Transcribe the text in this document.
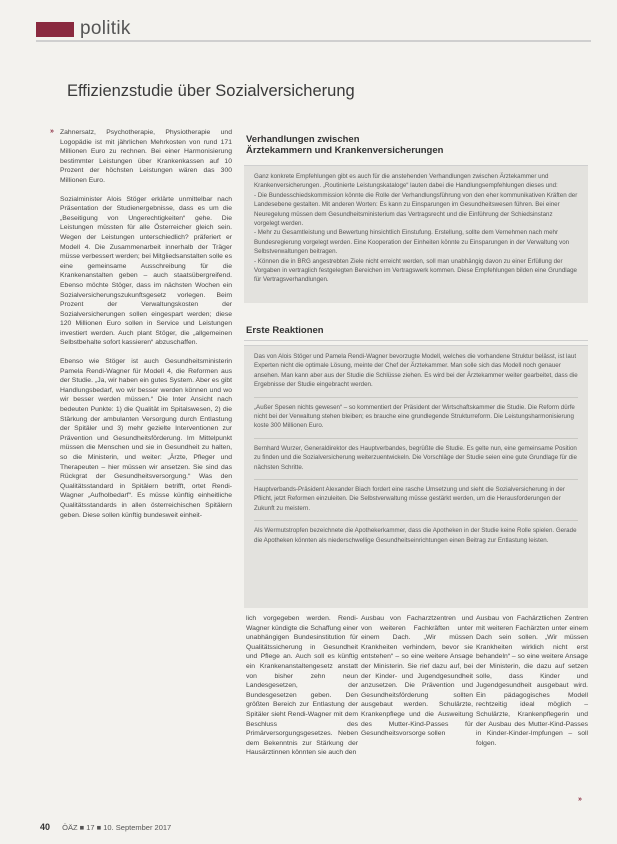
politik
Effizienzstudie über Sozialversicherung
» Zahnersatz, Psychotherapie, Physiotherapie und Logopädie ist mit jährlichen Mehrkosten von rund 171 Millionen Euro zu rechnen. Bei einer Harmonisierung bestimmter Leistungen über Krankenkassen auf 10 Prozent der höchsten Leistungen wären das 300 Millionen Euro.

Sozialminister Alois Stöger erklärte unmittelbar nach Präsentation der Studienergebnisse, dass es um die „Beseitigung von Ungerechtigkeiten“ gehe. Die Leistungen müssten für alle Österreicher gleich sein. Wegen der Leistungen unterschiedlich? präferiert er Modell 4. Die Zusammenarbeit innerhalb der Träger müsse verbessert werden; bei Mitgliedsanstalten solle es eine gemeinsame Ausschreibung für die Krankenanstalten geben – auch staatsübergreifend. Ebenso möchte Stöger, dass im nächsten Wochen ein Sozialversicherungszukunftsgesetz vorlegen. Beim Prozent der Verwaltungskosten der Sozialversicherungen sollen eingespart werden; diese 120 Millionen Euro sollen in Service und Leistungen investiert werden. Auch plant Stöger, die „allgemeinen Selbstbehalte sofort kassieren“ abzuschaffen.

Ebenso wie Stöger ist auch Gesundheitsministerin Pamela Rendi-Wagner für Modell 4, die Reformen aus der Studie. „Ja, wir haben ein gutes System. Aber es gibt Handlungsbedarf, wo wir besser werden können und wo wir besser werden müssen.“ Die Inter Ansicht nach bedeuten Punkte: 1) die Qualität im Spitalswesen, 2) die Stärkung der ambulanten Versorgung durch Entlastung der Spitäler und 3) mehr gezielte Interventionen zur Prävention und Gesundheitsförderung. Im Mittelpunkt müssen die Menschen und sie in Gesundheit zu halten, so die Ministerin, und weiter: „Ärzte, Pfleger und Therapeuten – hier müssen wir ansetzen. Sie sind das Rückgrat der Gesundheitsversorgung.“ Was den Qualitätsstandard in Spitälern betrifft, ortet Rendi-Wagner „Aufholbedarf“. Es müsse künftig einheitliche Qualitätsstandards in allen österreichischen Spitälern geben. Diese sollen künftig bundesweit einheit-

Verhandlungen zwischen
Ärztekammern und Krankenversicherungen
Ganz konkrete Empfehlungen gibt es auch für die anstehenden Verhandlungen zwischen Ärztekammer und Krankenversicherungen. „Routinierte Leistungskataloge“ lauten dabei die Handlungsempfehlungen dieses und:
- Die Bundesschiedskommission könnte die Rolle der Verhandlungsführung von den eher kommunikativen Kräften der Landesebene gestalten. Mit anderen Worten: Es kann zu Einsparungen im Gesundheitswesen führen. Bei einer Neuregelung müssen dem Gesundheitsministerium das Vertragsrecht und die Einführung der Schiedsinstanz vorgelegt werden.
- Mehr zu Gesamtleistung und Bewertung hinsichtlich Einstufung. Erstellung, sollte dem Vernehmen nach mehr Bundesregierung vorgelegt werden. Eine Kooperation der Einheiten könnte zu Einsparungen in der Verwaltung von Selbstverwaltungen beitragen.
- Können die in BRG angestrebten Ziele nicht erreicht werden, soll man unabhängig davon zu einer Erfüllung der Vorgaben in vertraglich festgelegten Bereichen im Vertragswerk kommen. Diese Empfehlungen bilden eine Grundlage für Vertragsverhandlungen.
Erste Reaktionen

Das von Alois Stöger und Pamela Rendi-Wagner bevorzugte Modell, welches die vorhandene Struktur belässt, ist laut Experten nicht die optimale Lösung, meinte der Chef der Ärztekammer. Man solle sich das Modell noch genauer ansehen. Man kann aber aus der Studie die Schlüsse ziehen. Es wird bei der Ärztekammer weiter gearbeitet, dass die Ergebnisse der Studie eingebracht werden.

„Außer Spesen nichts gewesen“ – so kommentiert der Präsident der Wirtschaftskammer die Studie. Die Reform dürfe nicht bei der Verwaltung stehen bleiben; es brauche eine grundlegende Strukturreform. Die Leistungsharmonisierung koste 300 Millionen Euro.

Bernhard Wurzer, Generaldirektor des Hauptverbandes, begrüßte die Studie. Es gelte nun, eine gemeinsame Position zu finden und die Sozialversicherung weiterzuentwickeln. Die Vorschläge der Studie seien eine gute Grundlage für die nächsten Schritte.

Hauptverbands-Präsident Alexander Biach fordert eine rasche Umsetzung und sieht die Sozialversicherung in der Pflicht, jetzt Reformen einzuleiten. Die Selbstverwaltung müsse gestärkt werden, um die Herausforderungen der Zukunft zu meistern.

Als Wermutstropfen bezeichnete die Apothekerkammer, dass die Apotheken in der Studie keine Rolle spielen. Gerade die Apotheken könnten als niederschwellige Gesundheitseinrichtungen einen Beitrag zur Entlastung leisten.

lich vorgegeben werden. Rendi-Wagner kündigte die Schaffung einer unabhängigen Bundesinstitution für Qualitätssicherung in Gesundheit und Pflege an. Auch soll es künftig ein Krankenanstaltengesetz anstatt von bisher zehn neun Landesgesetzen, der Bundesgesetzen geben. Den größten Bereich zur Entlastung der Spitäler sieht Rendi-Wagner mit dem Beschluss des Primärversorgungsgesetzes. Neben dem Bekenntnis zur Stärkung der Hausärztinnen könnten sie auch den
Ausbau von Facharztzentren und von weiteren Fachkräften unter einem Dach. „Wir müssen Krankheiten verhindern, bevor sie entstehen“ – so eine weitere Ansage der Ministerin. Sie rief dazu auf, bei der Kinder- und Jugendgesundheit anzusetzen. Die Prävention und Gesundheitsförderung sollten ausgebaut werden. Schulärzte, Krankenpflege und die Ausweitung des Mutter-Kind-Passes für Gesundheitsvorsorge sollen
Ausbau von Fachärztlichen Zentren mit weiteren Fachärzten unter einem Dach sein sollen. „Wir müssen Krankheiten wirklich nicht erst behandeln“ – so eine weitere Ansage der Ministerin, die dazu auf setzen solle, dass Kinder und Jugendgesundheit ausgebaut wird. Ein pädagogisches Modell rechtzeitig ideal möglich – Schulärzte, Krankenpflegerin und der Ausbau des Mutter-Kind-Passes in Kinder-Kinder-Impfungen – soll folgen.
»
40 ÖÄZ ■ 17 ■ 10. September 2017
